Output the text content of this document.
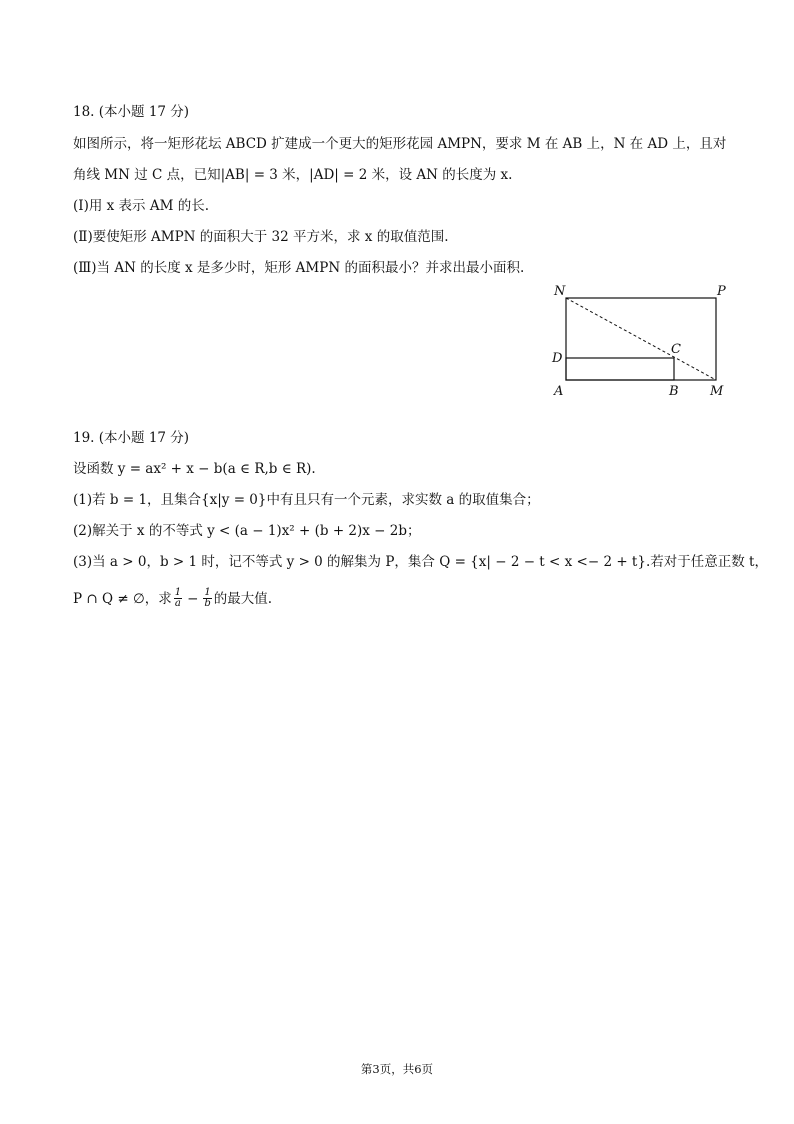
18. (本小题 17 分)
如图所示，将一矩形花坛 ABCD 扩建成一个更大的矩形花园 AMPN，要求 M 在 AB 上，N 在 AD 上，且对
角线 MN 过 C 点，已知|AB| = 3 米，|AD| = 2 米，设 AN 的长度为 x.
(Ⅰ)用 x 表示 AM 的长.
(Ⅱ)要使矩形 AMPN 的面积大于 32 平方米，求 x 的取值范围.
(Ⅲ)当 AN 的长度 x 是多少时，矩形 AMPN 的面积最小？并求出最小面积.
N	P
D
C
A	B M
19. (本小题 17 分)
设函数 y = ax² + x − b(a ∈ R,b ∈ R).
(1)若 b = 1，且集合{x|y = 0}中有且只有一个元素，求实数 a 的取值集合；
(2)解关于 x 的不等式 y < (a − 1)x² + (b + 2)x − 2b；
(3)当 a > 0，b > 1 时，记不等式 y > 0 的解集为 P，集合 Q = {x| − 2 − t < x <− 2 + t}.若对于任意正数 t，
P ∩ Q ≠ ∅，求 $\frac{1}{a} - \frac{1}{b}$ 的最大值.
第3页，共6页
